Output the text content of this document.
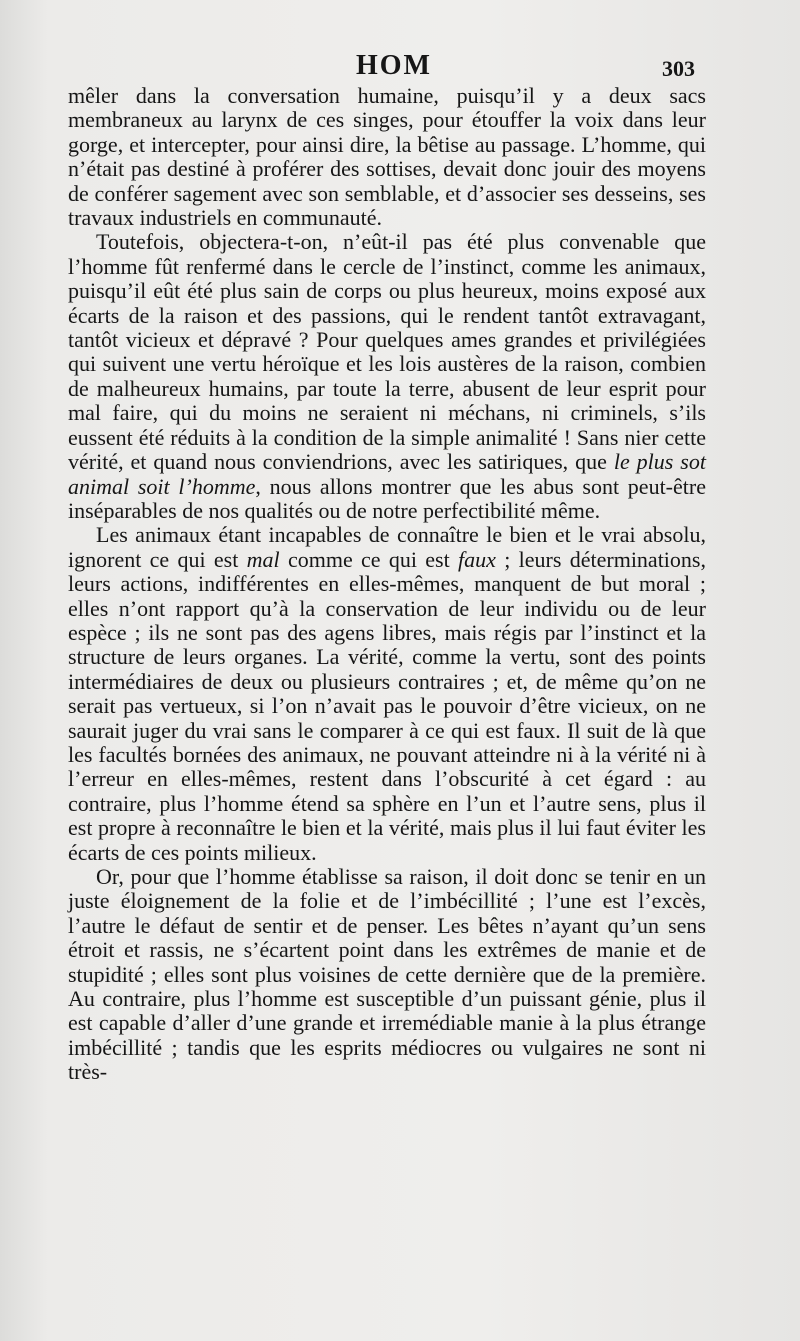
HOM	303

mêler dans la conversation humaine, puisqu’il y a deux sacs membraneux au larynx de ces singes, pour étouffer la voix dans leur gorge, et intercepter, pour ainsi dire, la bêtise au passage. L’homme, qui n’était pas destiné à proférer des sottises, devait donc jouir des moyens de conférer sagement avec son semblable, et d’associer ses desseins, ses travaux industriels en communauté.

Toutefois, objectera-t-on, n’eût-il pas été plus convenable que l’homme fût renfermé dans le cercle de l’instinct, comme les animaux, puisqu’il eût été plus sain de corps ou plus heureux, moins exposé aux écarts de la raison et des passions, qui le rendent tantôt extravagant, tantôt vicieux et dépravé ? Pour quelques ames grandes et privilégiées qui suivent une vertu héroïque et les lois austères de la raison, combien de malheureux humains, par toute la terre, abusent de leur esprit pour mal faire, qui du moins ne seraient ni méchans, ni criminels, s’ils eussent été réduits à la condition de la simple animalité ! Sans nier cette vérité, et quand nous conviendrions, avec les satiriques, que le plus sot animal soit l’homme, nous allons montrer que les abus sont peut-être inséparables de nos qualités ou de notre perfectibilité même.

Les animaux étant incapables de connaître le bien et le vrai absolu, ignorent ce qui est mal comme ce qui est faux ; leurs déterminations, leurs actions, indifférentes en elles-mêmes, manquent de but moral ; elles n’ont rapport qu’à la conservation de leur individu ou de leur espèce ; ils ne sont pas des agens libres, mais régis par l’instinct et la structure de leurs organes. La vérité, comme la vertu, sont des points intermédiaires de deux ou plusieurs contraires ; et, de même qu’on ne serait pas vertueux, si l’on n’avait pas le pouvoir d’être vicieux, on ne saurait juger du vrai sans le comparer à ce qui est faux. Il suit de là que les facultés bornées des animaux, ne pouvant atteindre ni à la vérité ni à l’erreur en elles-mêmes, restent dans l’obscurité à cet égard : au contraire, plus l’homme étend sa sphère en l’un et l’autre sens, plus il est propre à reconnaître le bien et la vérité, mais plus il lui faut éviter les écarts de ces points milieux.

Or, pour que l’homme établisse sa raison, il doit donc se tenir en un juste éloignement de la folie et de l’imbécillité ; l’une est l’excès, l’autre le défaut de sentir et de penser. Les bêtes n’ayant qu’un sens étroit et rassis, ne s’écartent point dans les extrêmes de manie et de stupidité ; elles sont plus voisines de cette dernière que de la première. Au contraire, plus l’homme est susceptible d’un puissant génie, plus il est capable d’aller d’une grande et irremédiable manie à la plus étrange imbécillité ; tandis que les esprits médiocres ou vulgaires ne sont ni très-
